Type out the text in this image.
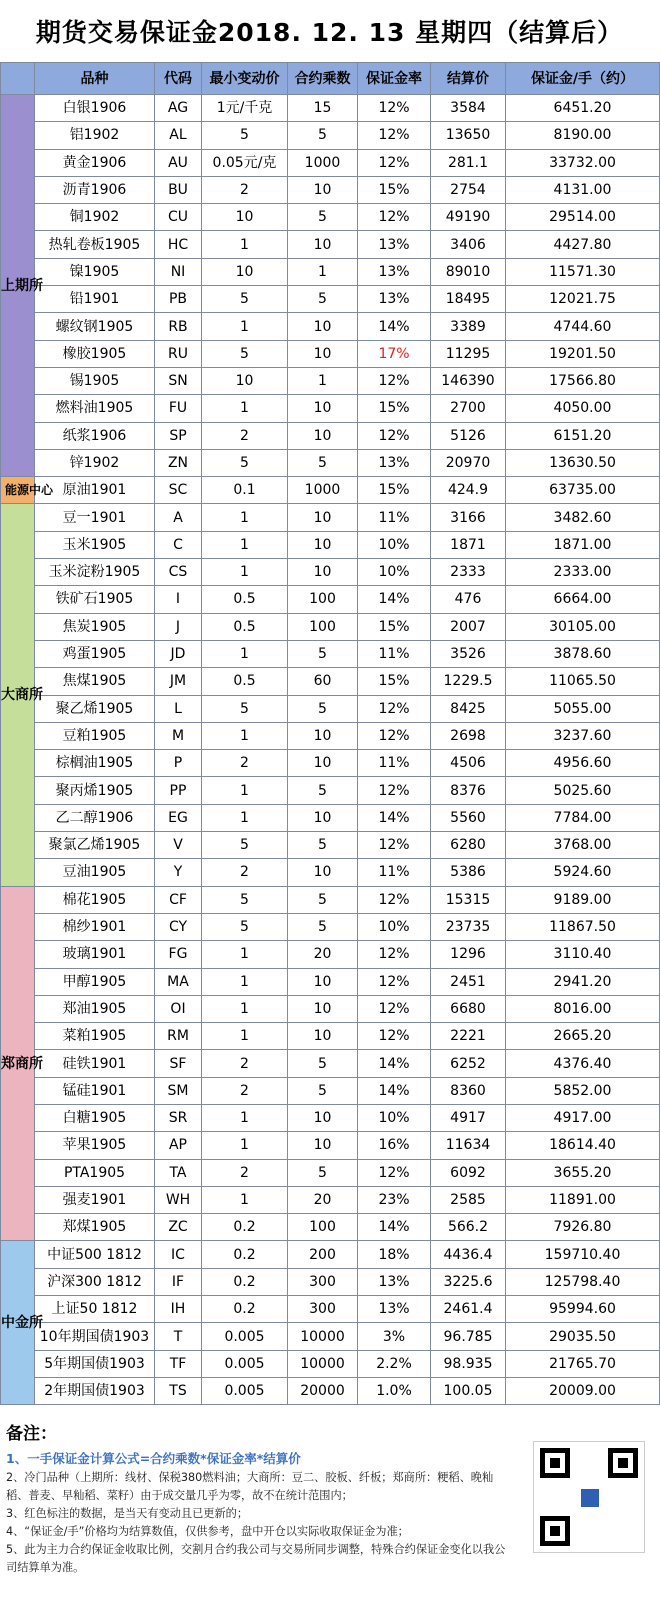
期货交易保证金2018. 12. 13 星期四（结算后）
	品种	代码	最小变动价	合约乘数	保证金率	结算价	保证金/手（约）
上期所	白银1906	AG	1元/千克	15	12%	3584	6451.20
	铝1902	AL	5	5	12%	13650	8190.00
	黄金1906	AU	0.05元/克	1000	12%	281.1	33732.00
	沥青1906	BU	2	10	15%	2754	4131.00
	铜1902	CU	10	5	12%	49190	29514.00
	热轧卷板1905	HC	1	10	13%	3406	4427.80
	镍1905	NI	10	1	13%	89010	11571.30
	铅1901	PB	5	5	13%	18495	12021.75
	螺纹钢1905	RB	1	10	14%	3389	4744.60
	橡胶1905	RU	5	10	17%	11295	19201.50
	锡1905	SN	10	1	12%	146390	17566.80
	燃料油1905	FU	1	10	15%	2700	4050.00
	纸浆1906	SP	2	10	12%	5126	6151.20
	锌1902	ZN	5	5	13%	20970	13630.50
能源中心	原油1901	SC	0.1	1000	15%	424.9	63735.00
大商所	豆一1901	A	1	10	11%	3166	3482.60
	玉米1905	C	1	10	10%	1871	1871.00
	玉米淀粉1905	CS	1	10	10%	2333	2333.00
	铁矿石1905	I	0.5	100	14%	476	6664.00
	焦炭1905	J	0.5	100	15%	2007	30105.00
	鸡蛋1905	JD	1	5	11%	3526	3878.60
	焦煤1905	JM	0.5	60	15%	1229.5	11065.50
	聚乙烯1905	L	5	5	12%	8425	5055.00
	豆粕1905	M	1	10	12%	2698	3237.60
	棕榈油1905	P	2	10	11%	4506	4956.60
	聚丙烯1905	PP	1	5	12%	8376	5025.60
	乙二醇1906	EG	1	10	14%	5560	7784.00
	聚氯乙烯1905	V	5	5	12%	6280	3768.00
	豆油1905	Y	2	10	11%	5386	5924.60
郑商所	棉花1905	CF	5	5	12%	15315	9189.00
	棉纱1901	CY	5	5	10%	23735	11867.50
	玻璃1901	FG	1	20	12%	1296	3110.40
	甲醇1905	MA	1	10	12%	2451	2941.20
	郑油1905	OI	1	10	12%	6680	8016.00
	菜粕1905	RM	1	10	12%	2221	2665.20
	硅铁1901	SF	2	5	14%	6252	4376.40
	锰硅1901	SM	2	5	14%	8360	5852.00
	白糖1905	SR	1	10	10%	4917	4917.00
	苹果1905	AP	1	10	16%	11634	18614.40
	PTA1905	TA	2	5	12%	6092	3655.20
	强麦1901	WH	1	20	23%	2585	11891.00
	郑煤1905	ZC	0.2	100	14%	566.2	7926.80
中金所	中证500 1812	IC	0.2	200	18%	4436.4	159710.40
	沪深300 1812	IF	0.2	300	13%	3225.6	125798.40
	上证50 1812	IH	0.2	300	13%	2461.4	95994.60
	10年期国债1903	T	0.005	10000	3%	96.785	29035.50
	5年期国债1903	TF	0.005	10000	2.2%	98.935	21765.70
	2年期国债1903	TS	0.005	20000	1.0%	100.05	20009.00
备注：
1、一手保证金计算公式=合约乘数*保证金率*结算价
2、冷门品种（上期所：线材、保税380燃料油；大商所：豆二、胶板、纤板；郑商所：粳稻、晚籼稻、普麦、早籼稻、菜籽）由于成交量几乎为零，故不在统计范围内；
3、红色标注的数据，是当天有变动且已更新的；
4、“保证金/手”价格均为结算数值，仅供参考，盘中开仓以实际收取保证金为准；
5、此为主力合约保证金收取比例，交割月合约我公司与交易所同步调整，特殊合约保证金变化以我公司结算单为准。
